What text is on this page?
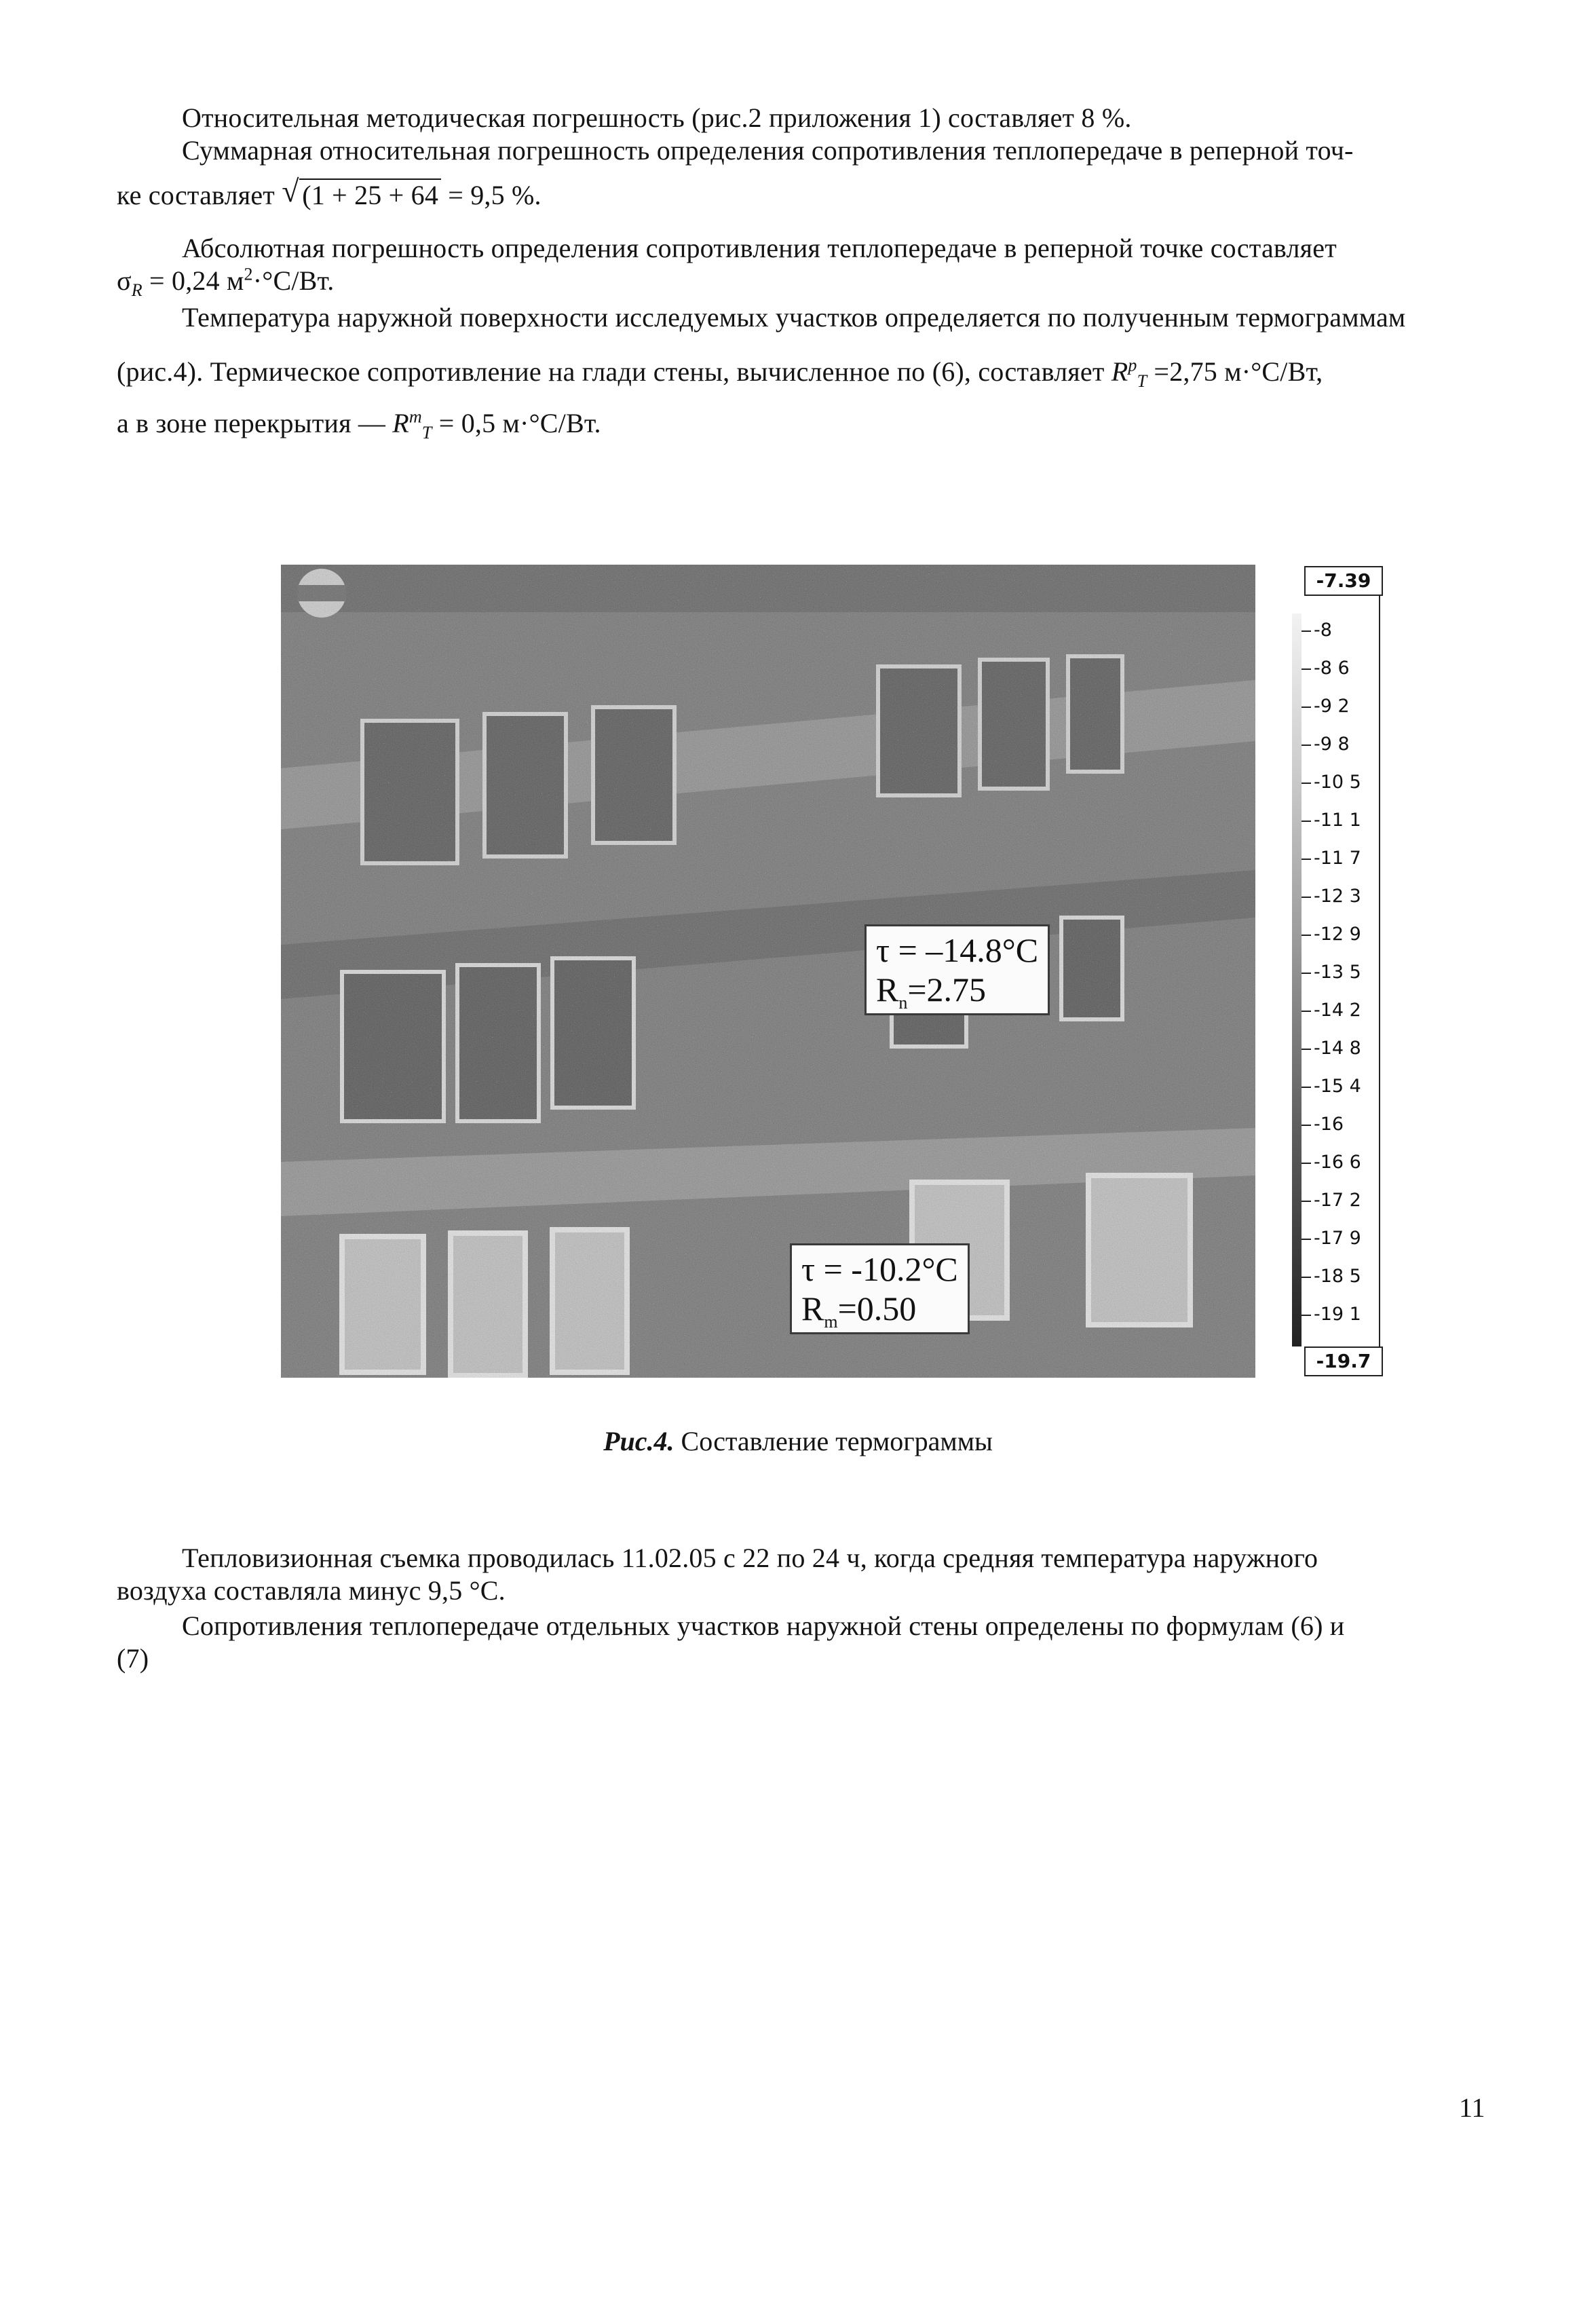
Относительная методическая погрешность (рис.2 приложения 1) составляет 8 %.

Суммарная относительная погрешность определения сопротивления теплопередаче в реперной точ-

ке составляет √ (1 + 25 + 64 = 9,5 %.

Абсолютная погрешность определения сопротивления теплопередаче в реперной точке составляет

$\sigma_R = 0,24$ $м^2\cdot^\circ С/Вт$.

Температура наружной поверхности исследуемых участков определяется по полученным термограммам

(рис.4). Термическое сопротивление на глади стены, вычисленное по (6), составляет $R^p_T =2,75$ м·°С/Вт,

а в зоне перекрытия — $R^m_T = 0,5$ м·°С/Вт.

τ = –14.8°C
$R_n=2.75$
τ = -10.2°C
$R_m=0.50$
-7.39
-8
-8 6
-9 2
-9 8
-10 5
-11 1
-11 7
-12 3
-12 9
-13 5
-14 2
-14 8
-15 4
-16
-16 6
-17 2
-17 9
-18 5
-19 1
-19.7
Рис.4. Составление термограммы

Тепловизионная съемка проводилась 11.02.05 с 22 по 24 ч, когда средняя температура наружного

воздуха составляла минус 9,5 °С.

Сопротивления теплопередаче отдельных участков наружной стены определены по формулам (6) и

(7)

11
